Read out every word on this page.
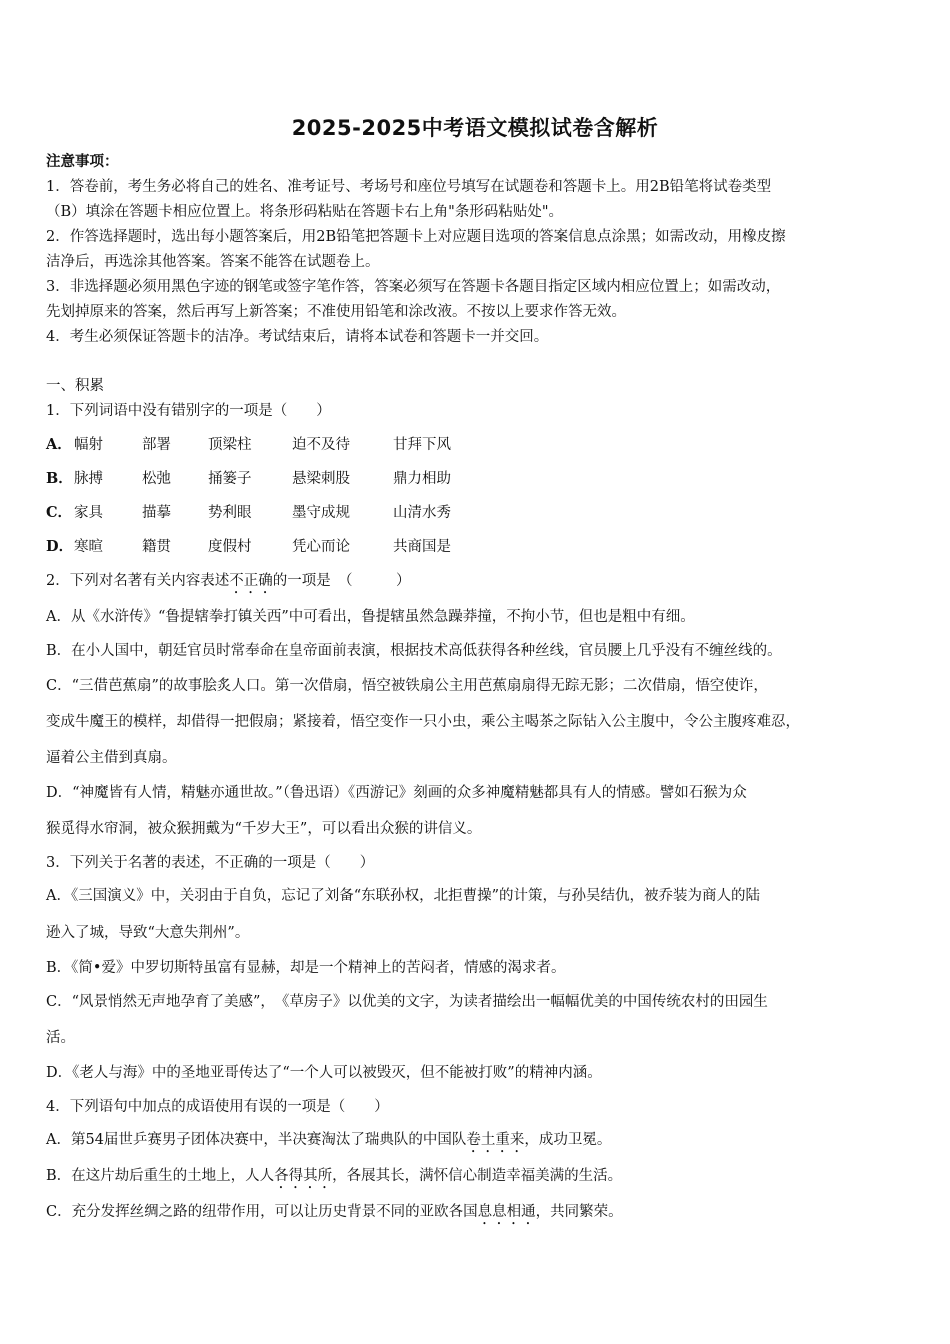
2025-2025中考语文模拟试卷含解析
注意事项：
1．答卷前，考生务必将自己的姓名、准考证号、考场号和座位号填写在试题卷和答题卡上。用2B铅笔将试卷类型
（B）填涂在答题卡相应位置上。将条形码粘贴在答题卡右上角"条形码粘贴处"。
2．作答选择题时，选出每小题答案后，用2B铅笔把答题卡上对应题目选项的答案信息点涂黑；如需改动，用橡皮擦
洁净后，再选涂其他答案。答案不能答在试题卷上。
3．非选择题必须用黑色字迹的钢笔或签字笔作答，答案必须写在答题卡各题目指定区域内相应位置上；如需改动，
先划掉原来的答案，然后再写上新答案；不准使用铅笔和涂改液。不按以上要求作答无效。
4．考生必须保证答题卡的洁净。考试结束后，请将本试卷和答题卡一并交回。
一、积累
1．下列词语中没有错别字的一项是（　　）
A． 幅射	部署	顶梁柱	迫不及待	甘拜下风
B． 脉搏	松弛	捅篓子	悬梁刺股	鼎力相助
C． 家具	描摹	势利眼	墨守成规	山清水秀
D． 寒暄	籍贯	度假村	凭心而论	共商国是
2．下列对名著有关内容表述不正确的一项是　（　　　）
A．从《水浒传》“鲁提辖拳打镇关西”中可看出，鲁提辖虽然急躁莽撞，不拘小节，但也是粗中有细。
B．在小人国中，朝廷官员时常奉命在皇帝面前表演，根据技术高低获得各种丝线，官员腰上几乎没有不缠丝线的。
C．“三借芭蕉扇”的故事脍炙人口。第一次借扇，悟空被铁扇公主用芭蕉扇扇得无踪无影；二次借扇，悟空使诈，
变成牛魔王的模样，却借得一把假扇；紧接着，悟空变作一只小虫，乘公主喝茶之际钻入公主腹中，令公主腹疼难忍，
逼着公主借到真扇。
D．“神魔皆有人情，精魅亦通世故。”（鲁迅语）《西游记》刻画的众多神魔精魅都具有人的情感。譬如石猴为众
猴觅得水帘洞，被众猴拥戴为“千岁大王”，可以看出众猴的讲信义。
3．下列关于名著的表述，不正确的一项是（　　）
A．《三国演义》中，关羽由于自负，忘记了刘备“东联孙权，北拒曹操”的计策，与孙吴结仇，被乔装为商人的陆
逊入了城，导致“大意失荆州”。
B．《简•爱》中罗切斯特虽富有显赫，却是一个精神上的苦闷者，情感的渴求者。
C．“风景悄然无声地孕育了美感”，　《草房子》以优美的文字，为读者描绘出一幅幅优美的中国传统农村的田园生
活。
D．《老人与海》中的圣地亚哥传达了“一个人可以被毁灭，但不能被打败”的精神内涵。
4．下列语句中加点的成语使用有误的一项是（　　）
A．第54届世乒赛男子团体决赛中，半决赛淘汰了瑞典队的中国队卷土重来，成功卫冕。
B．在这片劫后重生的土地上，人人各得其所，各展其长，满怀信心制造幸福美满的生活。
C．充分发挥丝绸之路的纽带作用，可以让历史背景不同的亚欧各国息息相通，共同繁荣。
